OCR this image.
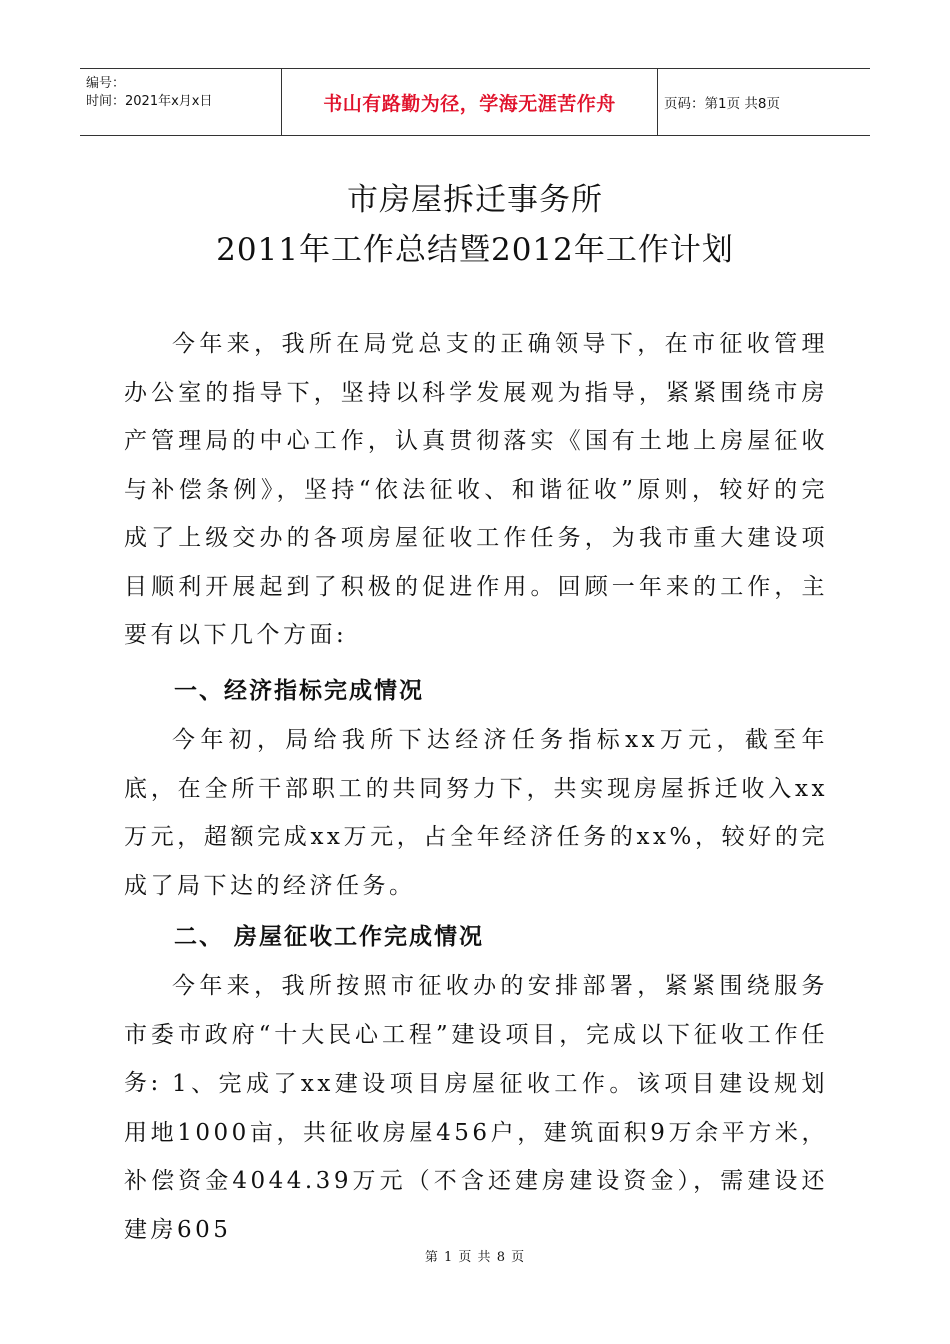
编号：
时间：2021年x月x日	书山有路勤为径，学海无涯苦作舟	页码：第1页 共8页
市房屋拆迁事务所
2011年工作总结暨2012年工作计划

今年来，我所在局党总支的正确领导下，在市征收管理办公室的指导下，坚持以科学发展观为指导，紧紧围绕市房产管理局的中心工作，认真贯彻落实《国有土地上房屋征收与补偿条例》，坚持“依法征收、和谐征收”原则，较好的完成了上级交办的各项房屋征收工作任务，为我市重大建设项目顺利开展起到了积极的促进作用。回顾一年来的工作，主要有以下几个方面:

一、经济指标完成情况

今年初，局给我所下达经济任务指标xx万元，截至年底，在全所干部职工的共同努力下，共实现房屋拆迁收入xx万元，超额完成xx万元，占全年经济任务的xx%，较好的完成了局下达的经济任务。

二、 房屋征收工作完成情况

今年来，我所按照市征收办的安排部署，紧紧围绕服务市委市政府“十大民心工程”建设项目，完成以下征收工作任务: 1、完成了xx建设项目房屋征收工作。该项目建设规划用地1000亩，共征收房屋456户，建筑面积9万余平方米，补偿资金4044.39万元（不含还建房建设资金），需建设还建房605

第 1 页 共 8 页
